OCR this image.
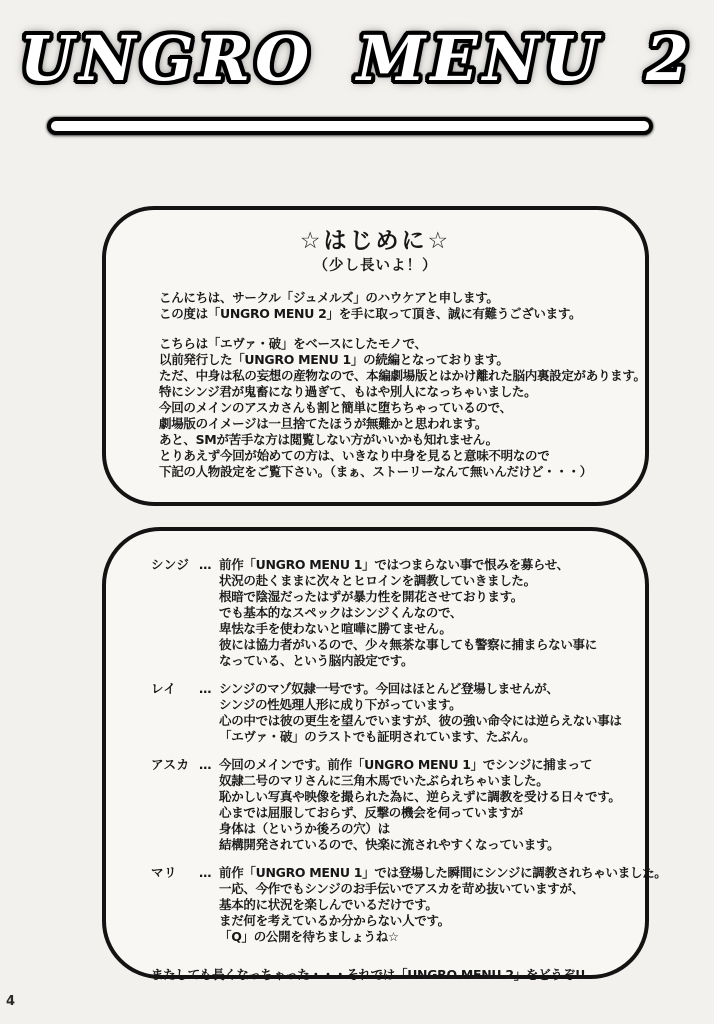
UNGRO MENU 2
☆はじめに☆
（少し長いよ！）
こんにちは、サークル「ジュメルズ」のハウケアと申します。
この度は「UNGRO MENU 2」を手に取って頂き、誠に有難うございます。
こちらは「エヴァ・破」をベースにしたモノで、
以前発行した「UNGRO MENU 1」の続編となっております。
ただ、中身は私の妄想の産物なので、本編劇場版とはかけ離れた脳内裏設定があります。
特にシンジ君が鬼畜になり過ぎて、もはや別人になっちゃいました。
今回のメインのアスカさんも割と簡単に堕ちちゃっているので、
劇場版のイメージは一旦捨てたほうが無難かと思われます。
あと、SMが苦手な方は閲覧しない方がいいかも知れません。
とりあえず今回が始めての方は、いきなり中身を見ると意味不明なので
下記の人物設定をご覧下さい。（まぁ、ストーリーなんて無いんだけど・・・）
シンジ … 前作「UNGRO MENU 1」ではつまらない事で恨みを募らせ、
状況の赴くままに次々とヒロインを調教していきました。
根暗で陰湿だったはずが暴力性を開花させております。
でも基本的なスペックはシンジくんなので、
卑怯な手を使わないと喧嘩に勝てません。
彼には協力者がいるので、少々無茶な事しても警察に捕まらない事に
なっている、という脳内設定です。
レイ	… シンジのマゾ奴隷一号です。今回はほとんど登場しませんが、
シンジの性処理人形に成り下がっています。
心の中では彼の更生を望んでいますが、彼の強い命令には逆らえない事は
「エヴァ・破」のラストでも証明されています、たぶん。
アスカ … 今回のメインです。前作「UNGRO MENU 1」でシンジに捕まって
奴隷二号のマリさんに三角木馬でいたぶられちゃいました。
恥かしい写真や映像を撮られた為に、逆らえずに調教を受ける日々です。
心までは屈服しておらず、反撃の機会を伺っていますが
身体は（というか後ろの穴）は
結構開発されているので、快楽に流されやすくなっています。
マリ	… 前作「UNGRO MENU 1」では登場した瞬間にシンジに調教されちゃいました。
一応、今作でもシンジのお手伝いでアスカを苛め抜いていますが、
基本的に状況を楽しんでいるだけです。
まだ何を考えているか分からない人です。
「Q」の公開を待ちましょうね☆
またしても長くなっちゃった・・・それでは「UNGRO MENU 2」をどうぞ!!
4
